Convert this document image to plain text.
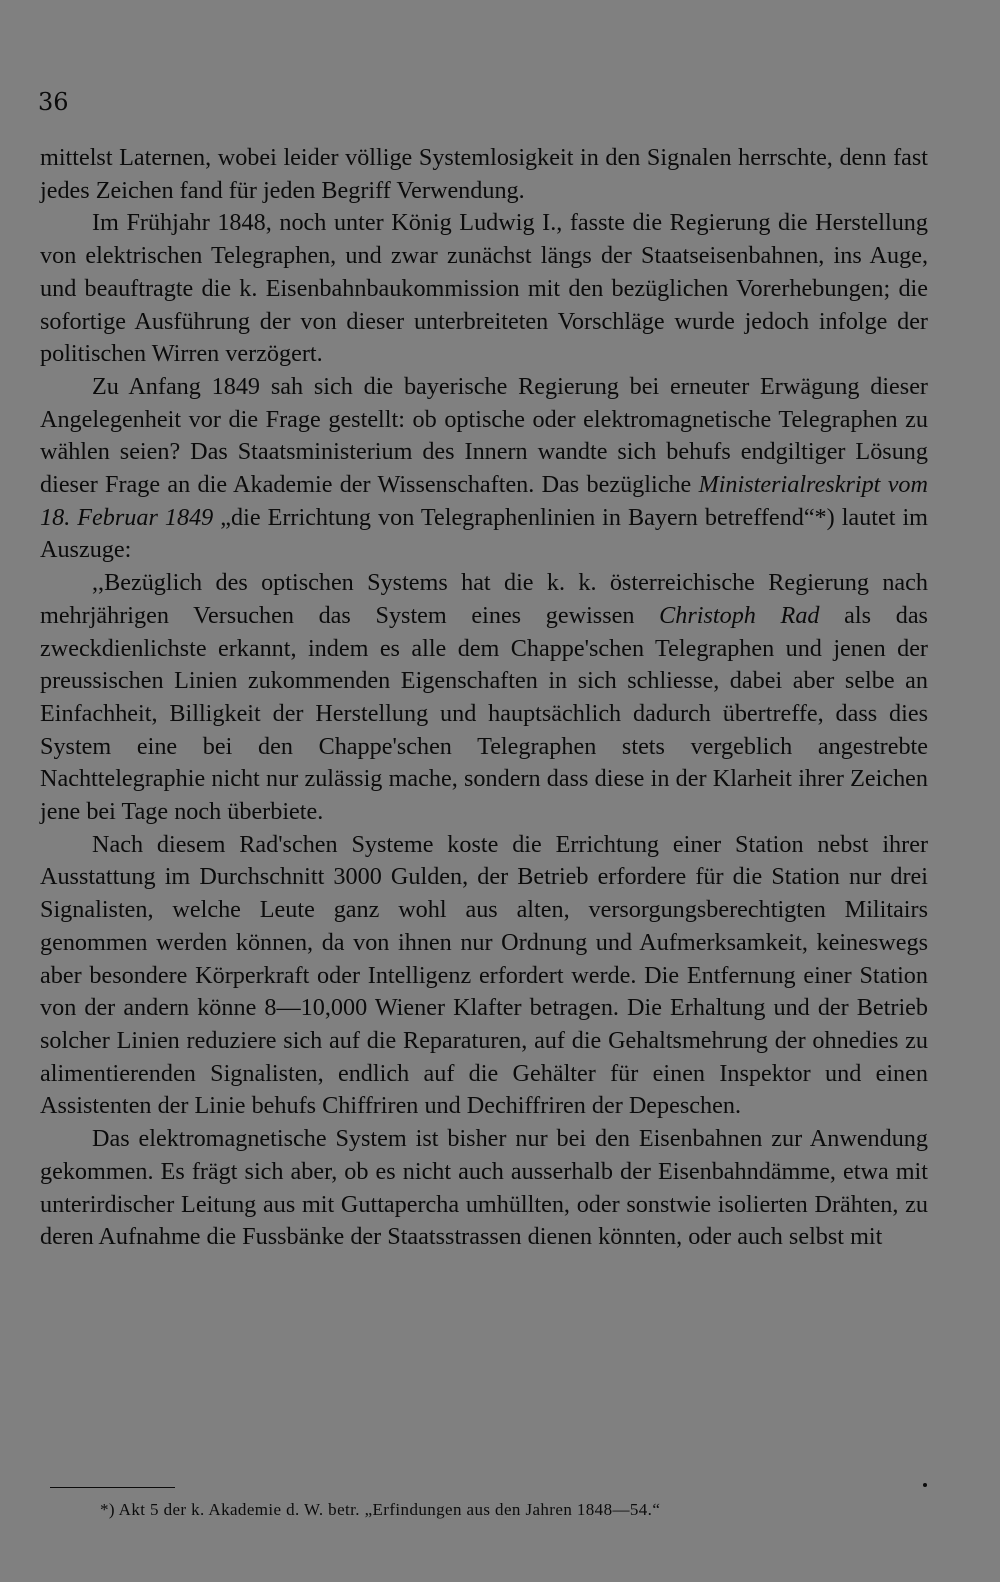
36

mittelst Laternen, wobei leider völlige Systemlosigkeit in den Signalen herrschte, denn fast jedes Zeichen fand für jeden Begriff Verwendung.

Im Frühjahr 1848, noch unter König Ludwig I., fasste die Regierung die Herstellung von elektrischen Telegraphen, und zwar zunächst längs der Staatseisenbahnen, ins Auge, und beauftragte die k. Eisenbahnbaukommission mit den bezüglichen Vorerhebungen; die sofortige Ausführung der von dieser unterbreiteten Vorschläge wurde jedoch infolge der politischen Wirren verzögert.

Zu Anfang 1849 sah sich die bayerische Regierung bei erneuter Erwägung dieser Angelegenheit vor die Frage gestellt: ob optische oder elektromagnetische Telegraphen zu wählen seien? Das Staatsministerium des Innern wandte sich behufs endgiltiger Lösung dieser Frage an die Akademie der Wissenschaften. Das bezügliche Ministerialreskript vom 18. Februar 1849 „die Errichtung von Telegraphenlinien in Bayern betreffend“*) lautet im Auszuge:

,,Bezüglich des optischen Systems hat die k. k. österreichische Regierung nach mehrjährigen Versuchen das System eines gewissen Christoph Rad als das zweckdienlichste erkannt, indem es alle dem Chappe'schen Telegraphen und jenen der preussischen Linien zukommenden Eigenschaften in sich schliesse, dabei aber selbe an Einfachheit, Billigkeit der Herstellung und hauptsächlich dadurch übertreffe, dass dies System eine bei den Chappe'schen Telegraphen stets vergeblich angestrebte Nachttelegraphie nicht nur zulässig mache, sondern dass diese in der Klarheit ihrer Zeichen jene bei Tage noch überbiete.

Nach diesem Rad'schen Systeme koste die Errichtung einer Station nebst ihrer Ausstattung im Durchschnitt 3000 Gulden, der Betrieb erfordere für die Station nur drei Signalisten, welche Leute ganz wohl aus alten, versorgungsberechtigten Militairs genommen werden können, da von ihnen nur Ordnung und Aufmerksamkeit, keineswegs aber besondere Körperkraft oder Intelligenz erfordert werde. Die Entfernung einer Station von der andern könne 8—10,000 Wiener Klafter betragen. Die Erhaltung und der Betrieb solcher Linien reduziere sich auf die Reparaturen, auf die Gehaltsmehrung der ohnedies zu alimentierenden Signalisten, endlich auf die Gehälter für einen Inspektor und einen Assistenten der Linie behufs Chiffriren und Dechiffriren der Depeschen.

Das elektromagnetische System ist bisher nur bei den Eisenbahnen zur Anwendung gekommen. Es frägt sich aber, ob es nicht auch ausserhalb der Eisenbahndämme, etwa mit unterirdischer Leitung aus mit Guttapercha umhüllten, oder sonstwie isolierten Drähten, zu deren Aufnahme die Fussbänke der Staatsstrassen dienen könnten, oder auch selbst mit

*) Akt 5 der k. Akademie d. W. betr. „Erfindungen aus den Jahren 1848—54.“
